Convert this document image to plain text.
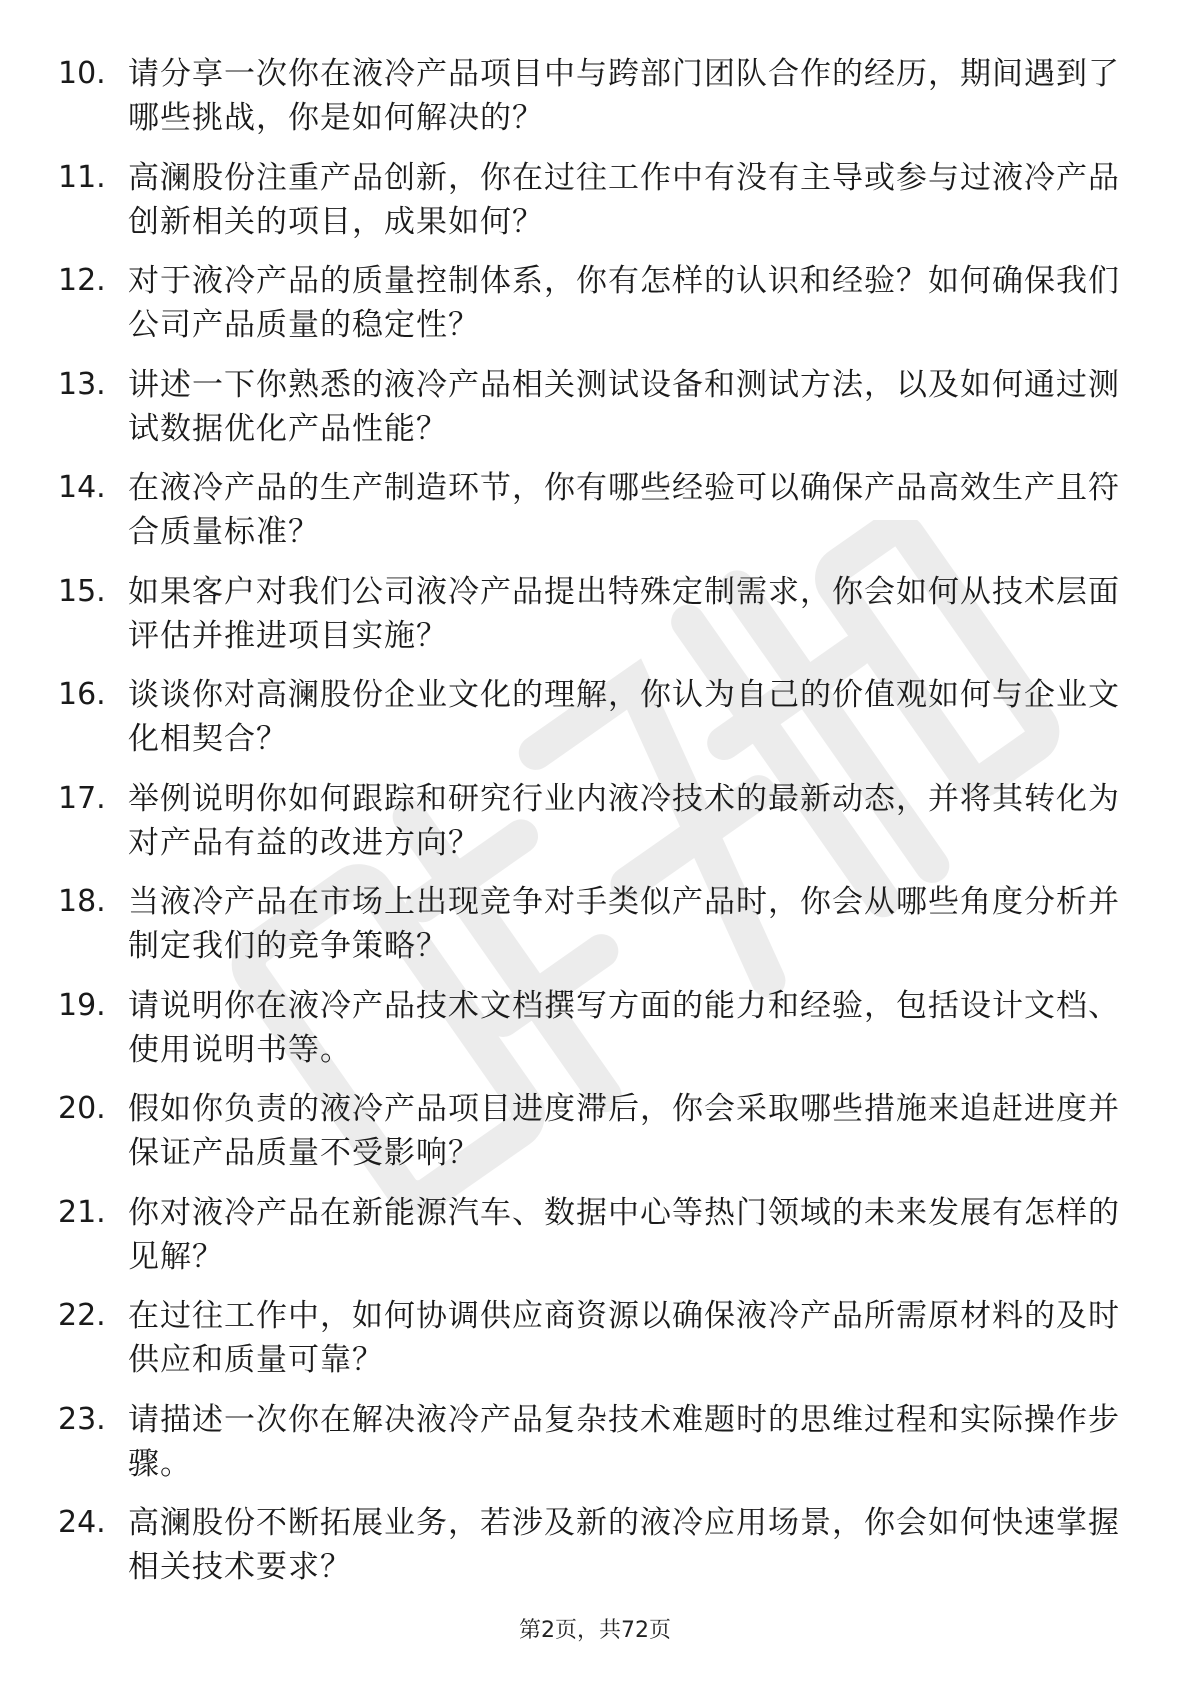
10. 请分享一次你在液冷产品项目中与跨部门团队合作的经历，期间遇到了哪些挑战，你是如何解决的？
11. 高澜股份注重产品创新，你在过往工作中有没有主导或参与过液冷产品创新相关的项目，成果如何？
12. 对于液冷产品的质量控制体系，你有怎样的认识和经验？如何确保我们公司产品质量的稳定性？
13. 讲述一下你熟悉的液冷产品相关测试设备和测试方法，以及如何通过测试数据优化产品性能？
14. 在液冷产品的生产制造环节，你有哪些经验可以确保产品高效生产且符合质量标准？
15. 如果客户对我们公司液冷产品提出特殊定制需求，你会如何从技术层面评估并推进项目实施？
16. 谈谈你对高澜股份企业文化的理解，你认为自己的价值观如何与企业文化相契合？
17. 举例说明你如何跟踪和研究行业内液冷技术的最新动态，并将其转化为对产品有益的改进方向？
18. 当液冷产品在市场上出现竞争对手类似产品时，你会从哪些角度分析并制定我们的竞争策略？
19. 请说明你在液冷产品技术文档撰写方面的能力和经验，包括设计文档、使用说明书等。
20. 假如你负责的液冷产品项目进度滞后，你会采取哪些措施来追赶进度并保证产品质量不受影响？
21. 你对液冷产品在新能源汽车、数据中心等热门领域的未来发展有怎样的见解？
22. 在过往工作中，如何协调供应商资源以确保液冷产品所需原材料的及时供应和质量可靠？
23. 请描述一次你在解决液冷产品复杂技术难题时的思维过程和实际操作步骤。
24. 高澜股份不断拓展业务，若涉及新的液冷应用场景，你会如何快速掌握相关技术要求？
第2页，共72页
